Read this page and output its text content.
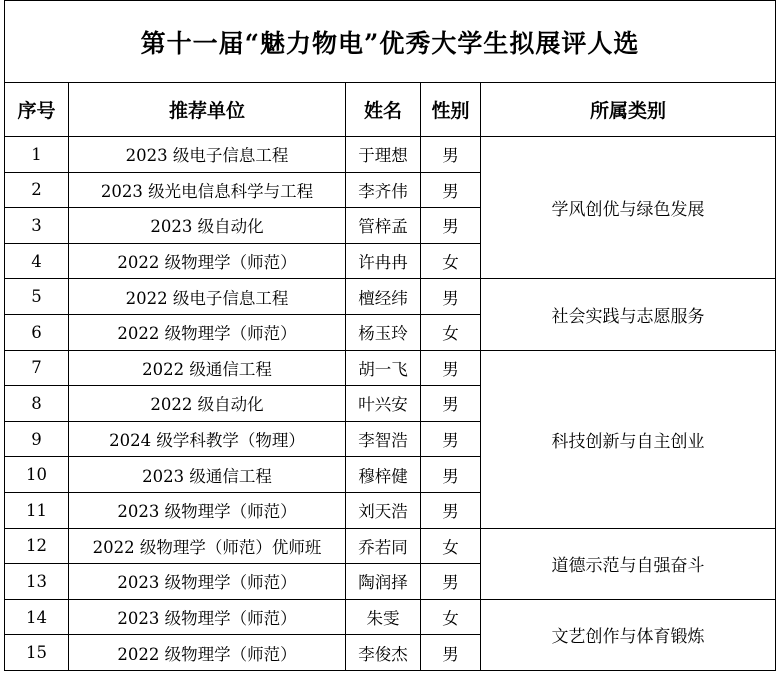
第十一届“魅力物电”优秀大学生拟展评人选				
序号	推荐单位	姓名	性别	所属类别
1	2023 级电子信息工程	于理想	男	学风创优与绿色发展
2	2023 级光电信息科学与工程	李齐伟	男	
3	2023 级自动化	管梓孟	男	
4	2022 级物理学（师范）	许冉冉	女	
5	2022 级电子信息工程	檀经纬	男	社会实践与志愿服务
6	2022 级物理学（师范）	杨玉玲	女	
7	2022 级通信工程	胡一飞	男	科技创新与自主创业
8	2022 级自动化	叶兴安	男	
9	2024 级学科教学（物理）	李智浩	男	
10	2023 级通信工程	穆梓健	男	
11	2023 级物理学（师范）	刘天浩	男	
12	2022 级物理学（师范）优师班	乔若同	女	道德示范与自强奋斗
13	2023 级物理学（师范）	陶润择	男	
14	2023 级物理学（师范）	朱雯	女	文艺创作与体育锻炼
15	2022 级物理学（师范）	李俊杰	男	
